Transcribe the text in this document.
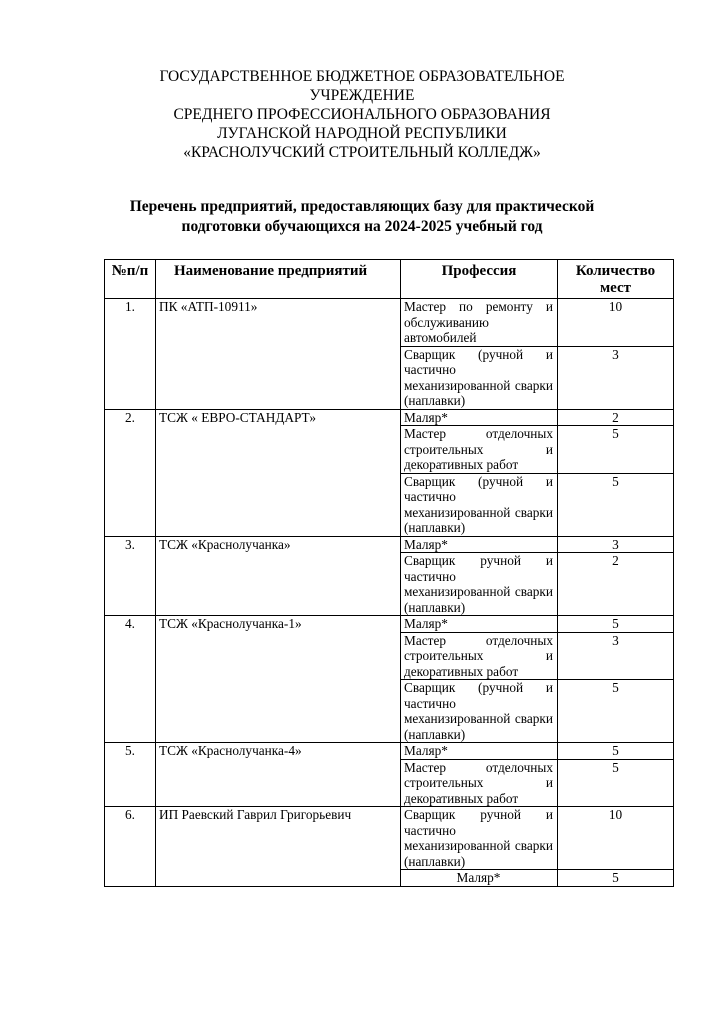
ГОСУДАРСТВЕННОЕ БЮДЖЕТНОЕ ОБРАЗОВАТЕЛЬНОЕ
УЧРЕЖДЕНИЕ
СРЕДНЕГО ПРОФЕССИОНАЛЬНОГО ОБРАЗОВАНИЯ
ЛУГАНСКОЙ НАРОДНОЙ РЕСПУБЛИКИ
«КРАСНОЛУЧСКИЙ СТРОИТЕЛЬНЫЙ КОЛЛЕДЖ»
Перечень предприятий, предоставляющих базу для практической
подготовки обучающихся на 2024-2025 учебный год
№п/п	Наименование предприятий	Профессия	Количество мест
1.	ПК «АТП-10911»	Мастер по ремонту и обслуживанию автомобилей	10
		Сварщик (ручной и частично механизированной сварки (наплавки)	3
2.	ТСЖ « ЕВРО-СТАНДАРТ»	Маляр*	2
		Мастер отделочных строительных и декоративных работ	5
		Сварщик (ручной и частично механизированной сварки (наплавки)	5
3.	ТСЖ «Краснолучанка»	Маляр*	3
		Сварщик ручной и частично механизированной сварки (наплавки)	2
4.	ТСЖ «Краснолучанка-1»	Маляр*	5
		Мастер отделочных строительных и декоративных работ	3
		Сварщик (ручной и частично механизированной сварки (наплавки)	5
5.	ТСЖ «Краснолучанка-4»	Маляр*	5
		Мастер отделочных строительных и декоративных работ	5
6.	ИП Раевский Гаврил Григорьевич	Сварщик ручной и частично механизированной сварки (наплавки)	10
		Маляр*	5
